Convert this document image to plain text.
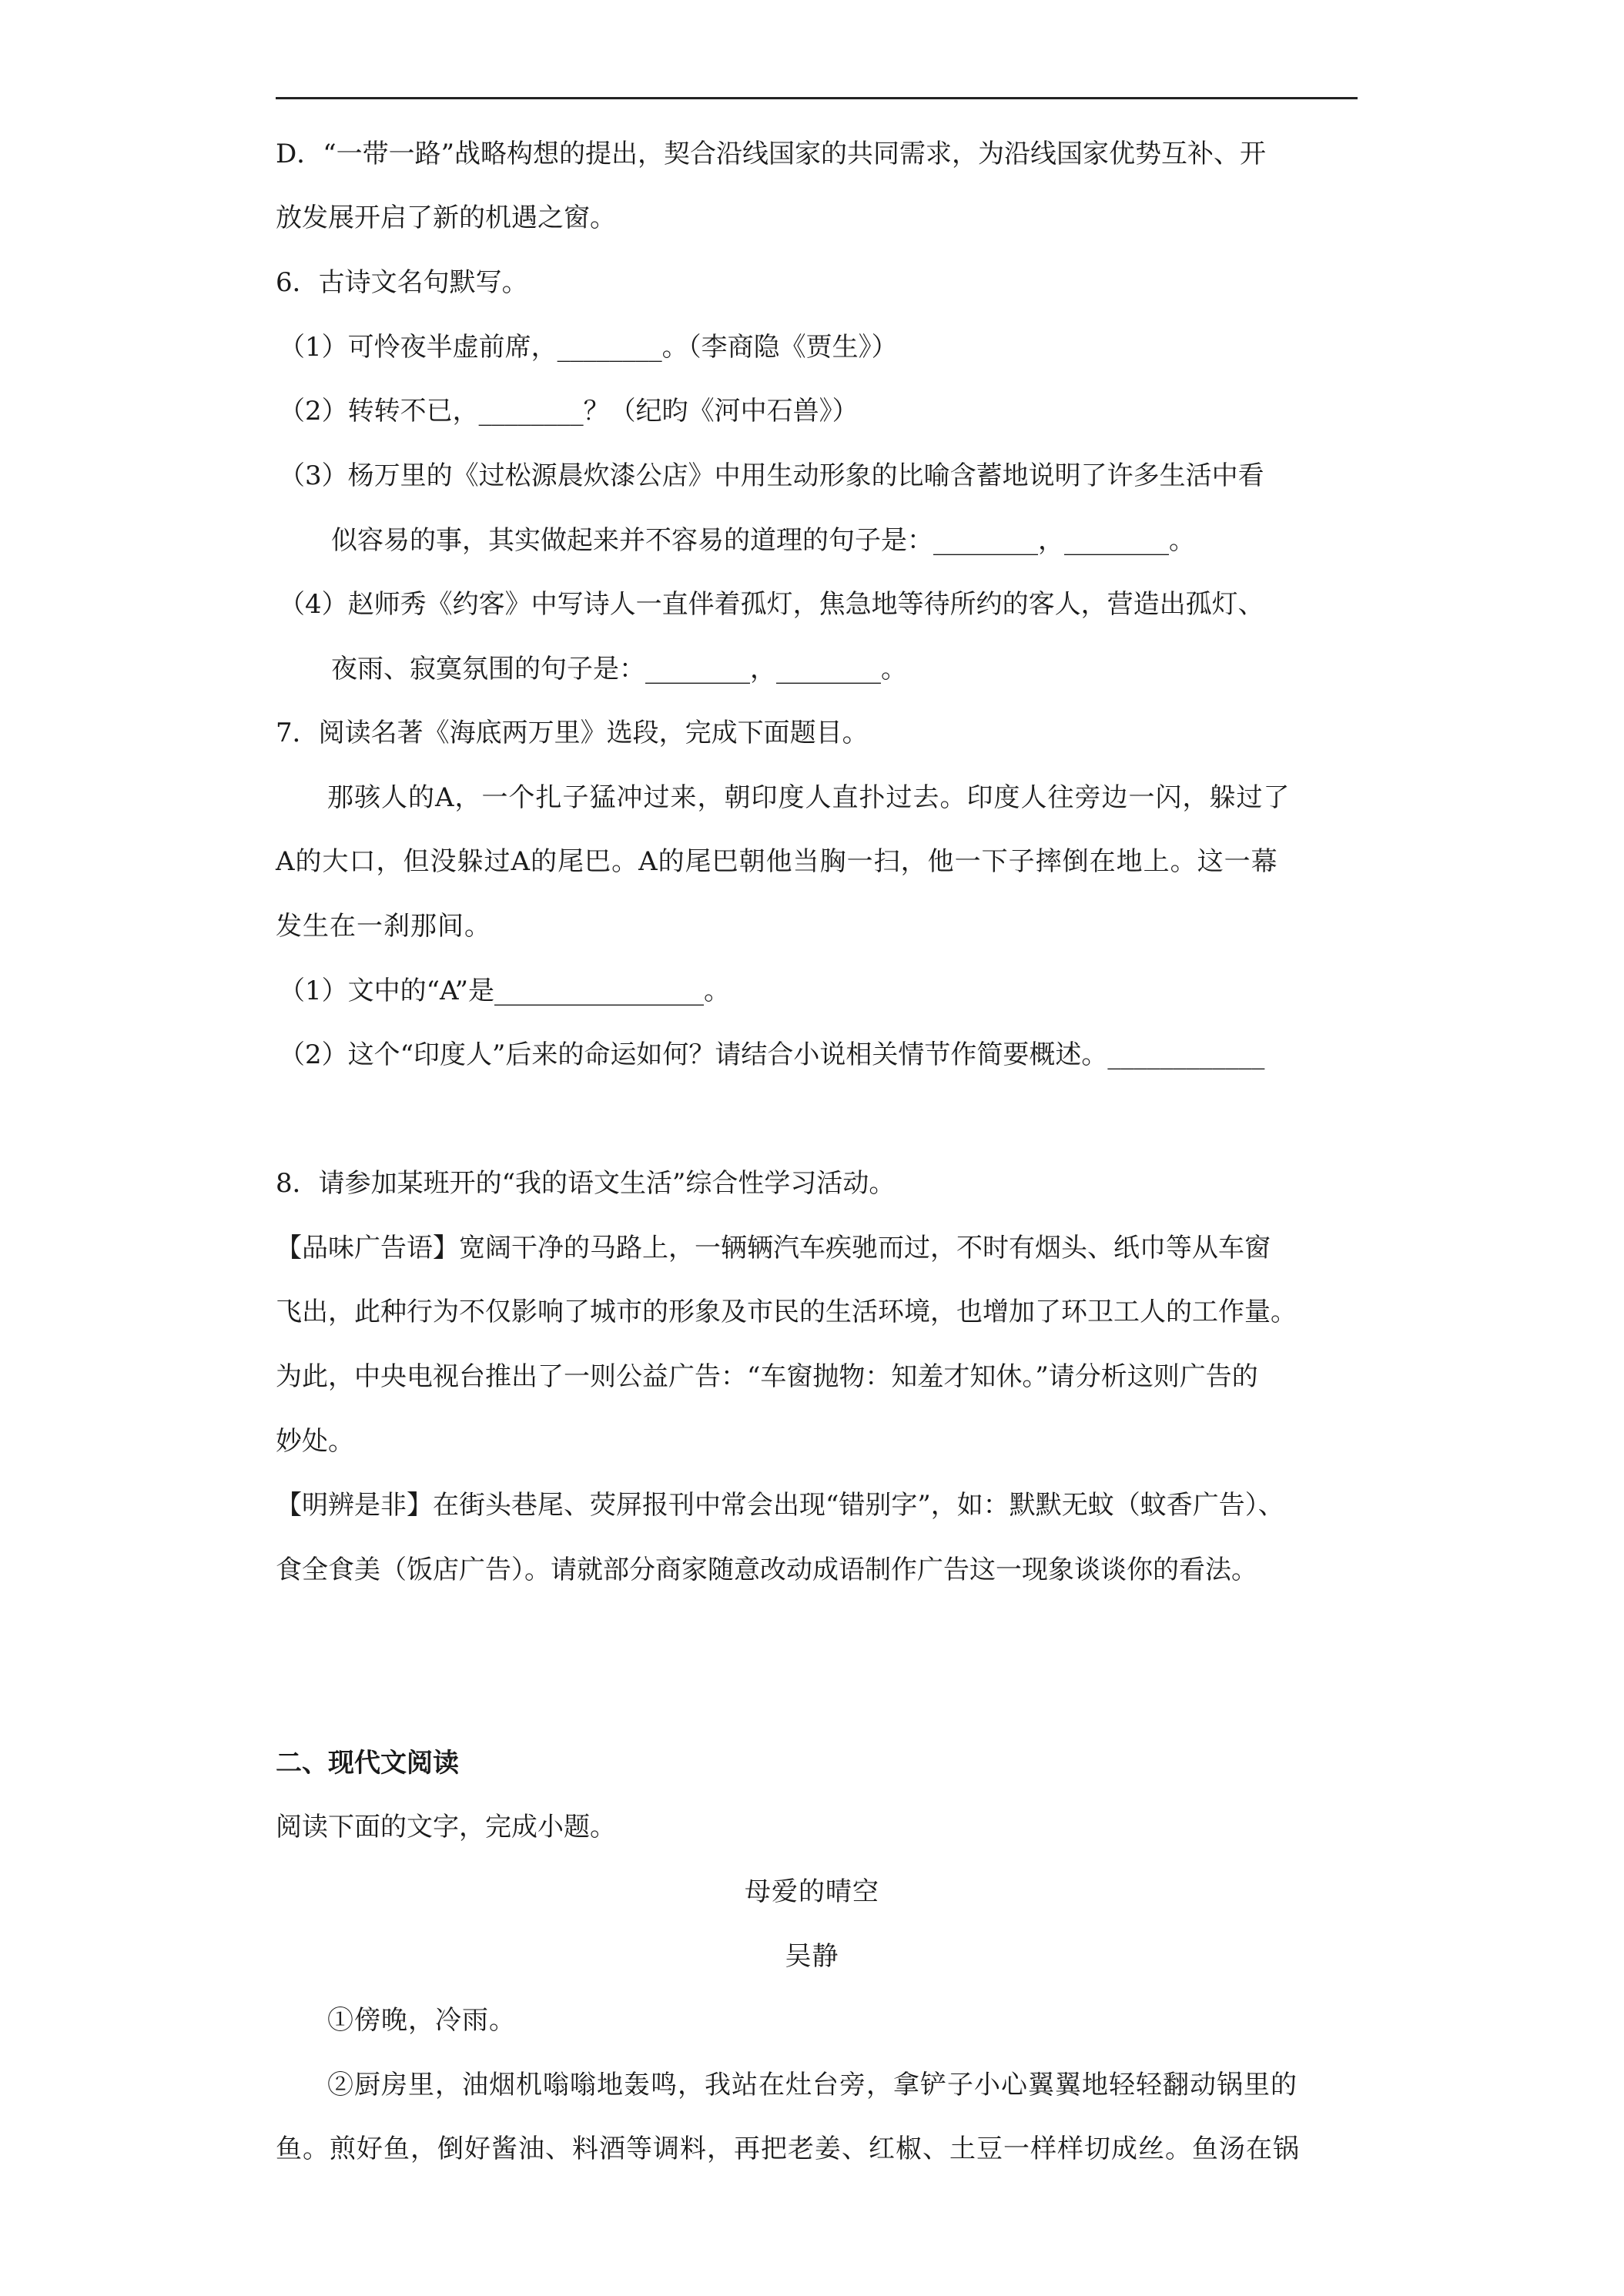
D．“一带一路”战略构想的提出，契合沿线国家的共同需求，为沿线国家优势互补、开
放发展开启了新的机遇之窗。
6．古诗文名句默写。
（1）可怜夜半虚前席，________。（李商隐《贾生》）
（2）转转不已，________？（纪昀《河中石兽》）
（3）杨万里的《过松源晨炊漆公店》中用生动形象的比喻含蓄地说明了许多生活中看
似容易的事，其实做起来并不容易的道理的句子是：________，________。
（4）赵师秀《约客》中写诗人一直伴着孤灯，焦急地等待所约的客人，营造出孤灯、
夜雨、寂寞氛围的句子是：________，________。
7．阅读名著《海底两万里》选段，完成下面题目。
那骇人的A，一个扎子猛冲过来，朝印度人直扑过去。印度人往旁边一闪，躲过了
A的大口，但没躲过A的尾巴。A的尾巴朝他当胸一扫，他一下子摔倒在地上。这一幕
发生在一刹那间。
（1）文中的“A”是________________。
（2）这个“印度人”后来的命运如何？请结合小说相关情节作简要概述。____________
8．请参加某班开的“我的语文生活”综合性学习活动。
【品味广告语】宽阔干净的马路上，一辆辆汽车疾驰而过，不时有烟头、纸巾等从车窗
飞出，此种行为不仅影响了城市的形象及市民的生活环境，也增加了环卫工人的工作量。
为此，中央电视台推出了一则公益广告：“车窗抛物：知羞才知休。”请分析这则广告的
妙处。
【明辨是非】在街头巷尾、荧屏报刊中常会出现“错别字”，如：默默无蚊（蚊香广告）、
食全食美（饭店广告）。请就部分商家随意改动成语制作广告这一现象谈谈你的看法。
二、现代文阅读
阅读下面的文字，完成小题。
母爱的晴空
吴静
①傍晚，冷雨。
②厨房里，油烟机嗡嗡地轰鸣，我站在灶台旁，拿铲子小心翼翼地轻轻翻动锅里的
鱼。煎好鱼，倒好酱油、料酒等调料，再把老姜、红椒、土豆一样样切成丝。鱼汤在锅
